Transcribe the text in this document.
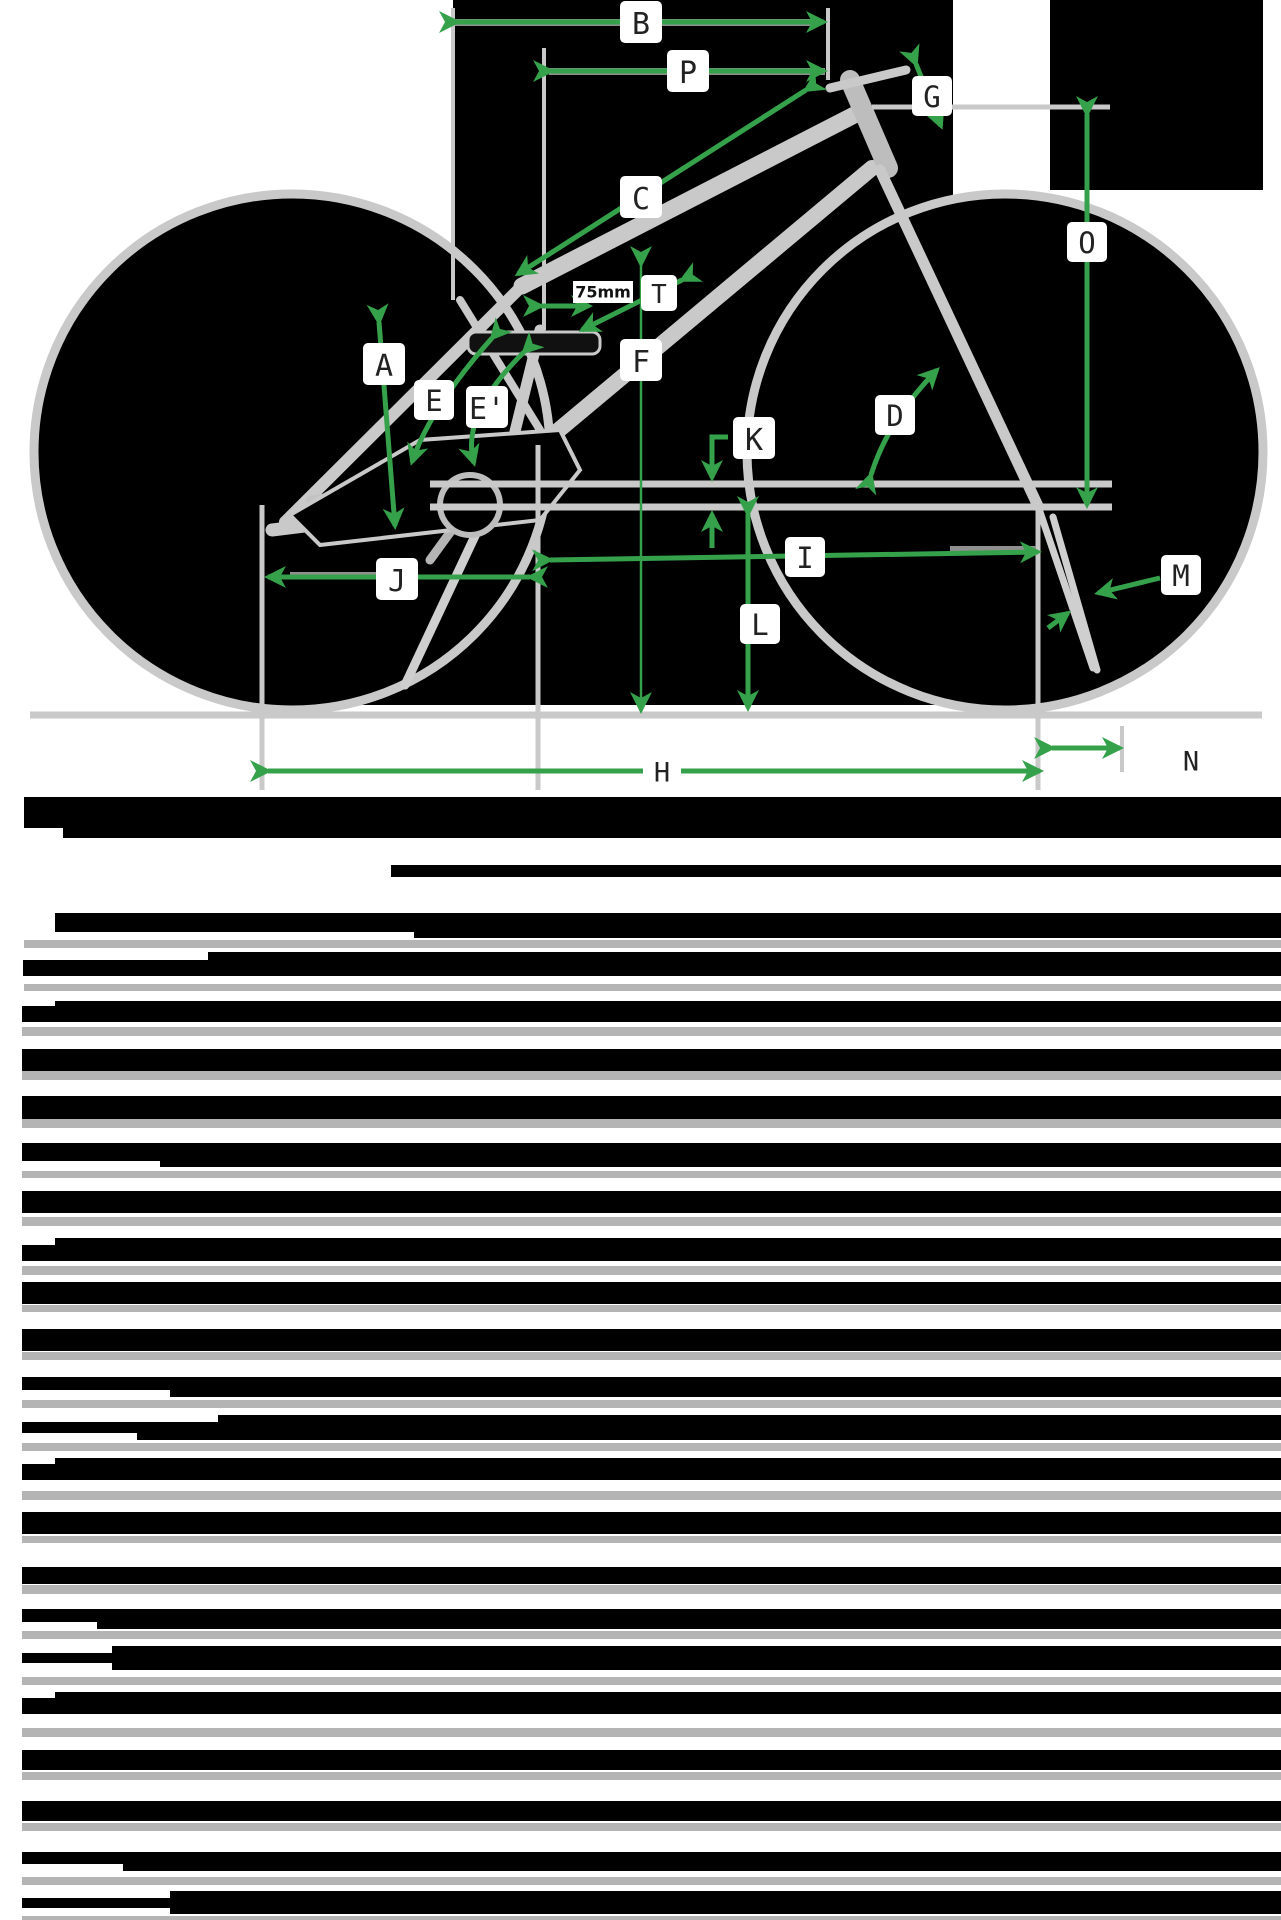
75mm
B
P
G
C
T
A
E E'
F
D
K
O
I
M
J
L
N
H
